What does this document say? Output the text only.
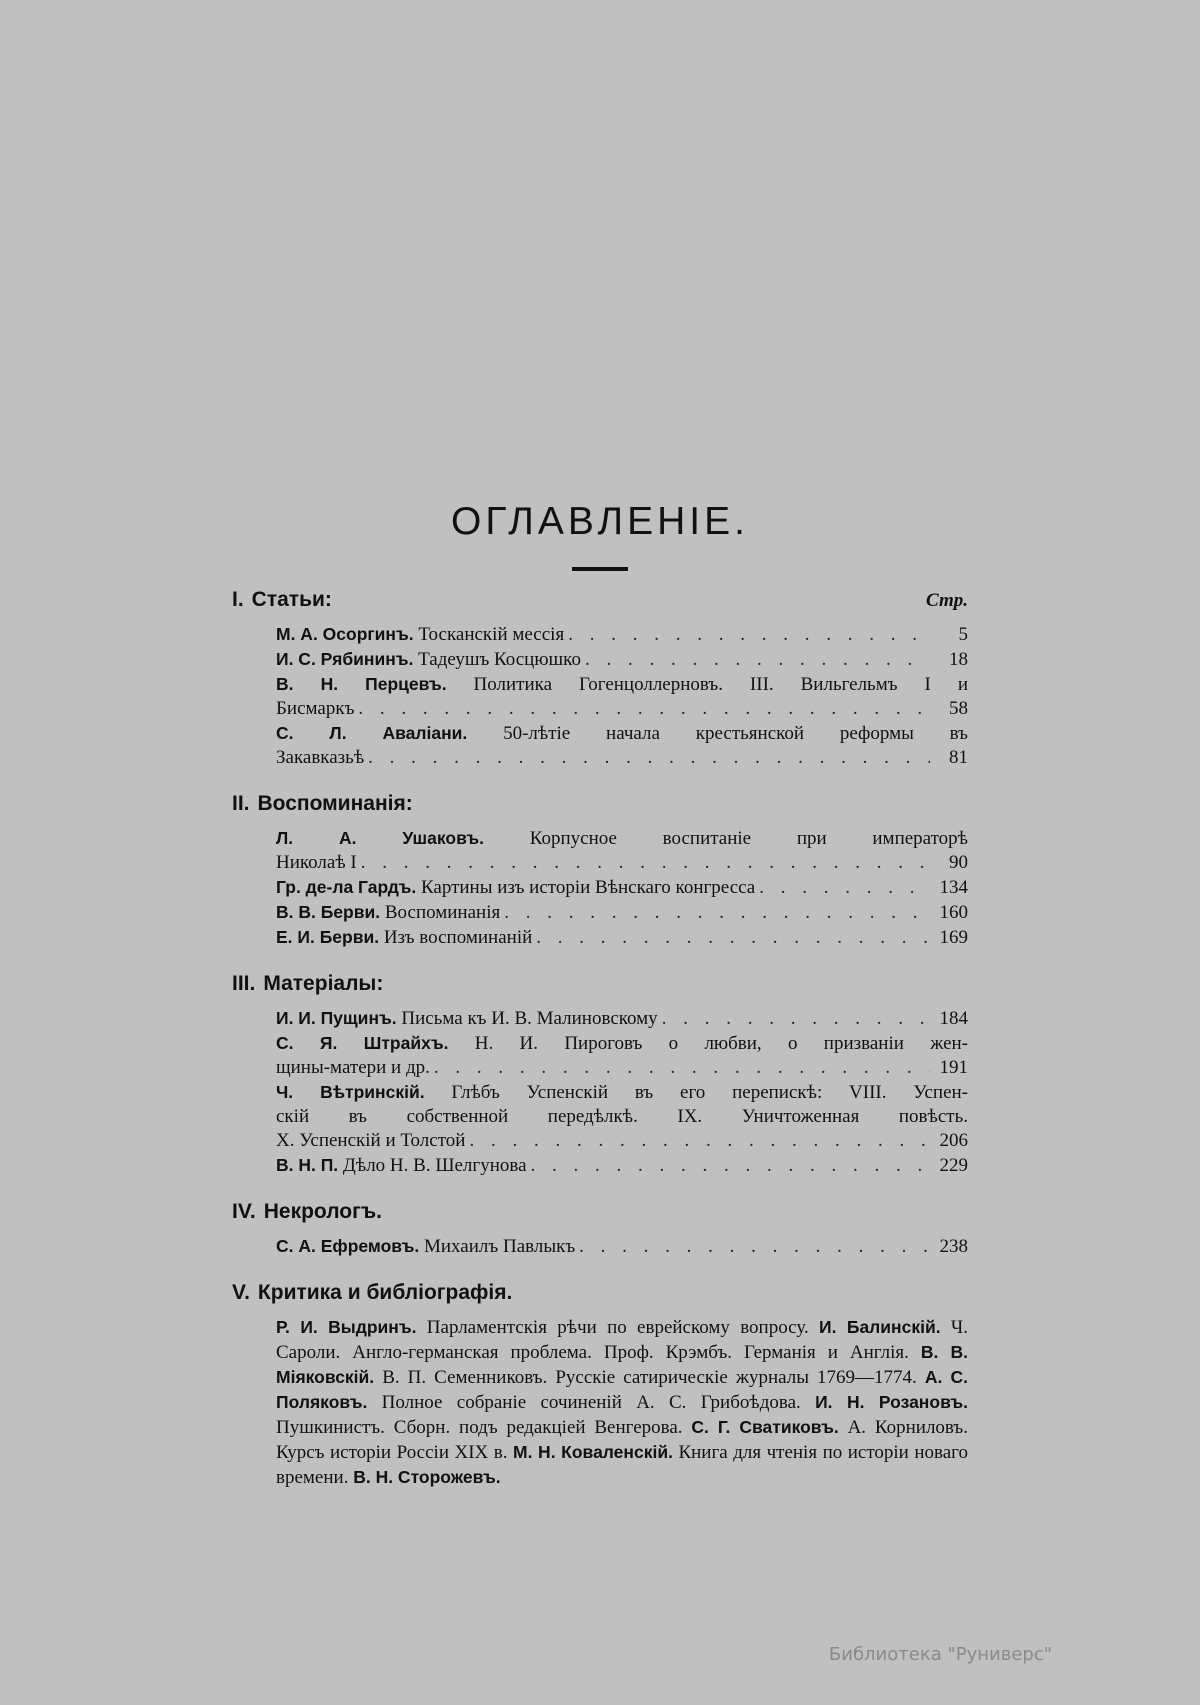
ОГЛАВЛЕНІЕ.
I. Статьи:	Стр.
М. А. Осоргинъ. Тосканскій мессія . . .	5
И. С. Рябининъ. Тадеушъ Косцюшко . . .	18
В. Н. Перцевъ. Политика Гогенцоллерновъ. III. Вильгельмъ I и
Бисмаркъ . . .	58
С. Л. Аваліани. 50-лѣтіе начала крестьянской реформы въ
Закавказьѣ . . .	81
II. Воспоминанія:
Л. А. Ушаковъ. Корпусное воспитаніе при императорѣ
Николаѣ I . . .	90
Гр. де-ла Гардъ. Картины изъ исторіи Вѣнскаго конгресса . . .	134
В. В. Берви. Воспоминанія . . .	160
Е. И. Берви. Изъ воспоминаній . . .	169
III. Матеріалы:
И. И. Пущинъ. Письма къ И. В. Малиновскому . . .	184
С. Я. Штрайхъ. Н. И. Пироговъ о любви, о призваніи жен-
щины-матери и др. . . .	191
Ч. Вѣтринскій. Глѣбъ Успенскій въ его перепискѣ: VIII. Успен-
скій въ собственной передѣлкѣ. IX. Уничтоженная повѣсть.
X. Успенскій и Толстой . . .	206
В. Н. П. Дѣло Н. В. Шелгунова . . .	229
IV. Некрологъ.
С. А. Ефремовъ. Михаилъ Павлыкъ . . .	238
V. Критика и библіографія.
Р. И. Выдринъ. Парламентскія рѣчи по еврейскому вопросу. И. Балинскій. Ч. Сароли. Англо-германская проблема. Проф. Крэмбъ. Германія и Англія. В. В. Міяковскій. В. П. Семенниковъ. Русскіе сатирическіе журналы 1769—1774. А. С. Поляковъ. Полное собраніе сочиненій А. С. Грибоѣдова. И. Н. Розановъ. Пушкинистъ. Сборн. подъ редакціей Венгерова. С. Г. Сватиковъ. А. Корниловъ. Курсъ исторіи Россіи XIX в. М. Н. Коваленскій. Книга для чтенія по исторіи новаго времени. В. Н. Сторожевъ.
Библиотека "Руниверс"
